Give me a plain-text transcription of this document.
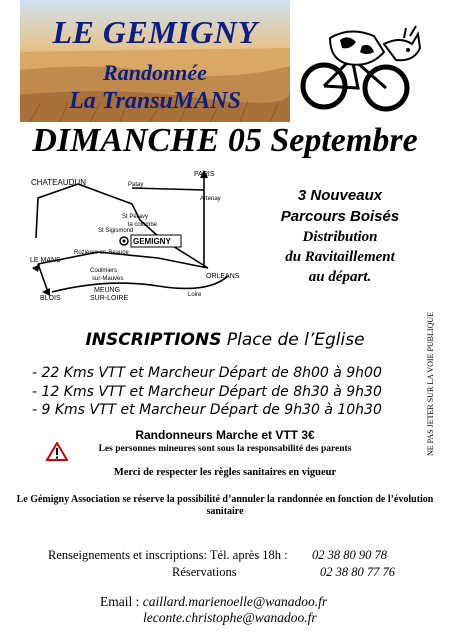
LE GEMIGNY
Randonnée
La TransuMANS
DIMANCHE 05 Septembre
CHATEAUDUN	Patay
PARIS
Artenay
St Péravy
la colombe
St Sigismond
Rozières-en-Beauce
GEMIGNY
LE MANS
Coulmiers
sur-Mauves	ORLEANS
BLOIS
MEUNG
SUR-LOIRE	Loire
3 Nouveaux
Parcours Boisés
Distribution
du Ravitaillement
au départ.
NE PAS JETER SUR LA VOIE PUBLIQUE
INSCRIPTIONS Place de l’Eglise
- 22 Kms VTT et Marcheur Départ de 8h00 à 9h00
- 12 Kms VTT et Marcheur Départ de 8h30 à 9h30
- 9 Kms VTT et Marcheur Départ de 9h30 à 10h30
Randonneurs Marche et VTT 3€
Les personnes mineures sont sous la responsabilité des parents
Merci de respecter les règles sanitaires en vigueur
Le Gémigny Association se réserve la possibilité d’annuler la randonnée en fonction de l’évolution sanitaire
Renseignements et inscriptions: Tél. après 18h : 02 38 80 90 78
Réservations	02 38 80 77 76
Email : caillard.marienoelle@wanadoo.fr
leconte.christophe@wanadoo.fr
